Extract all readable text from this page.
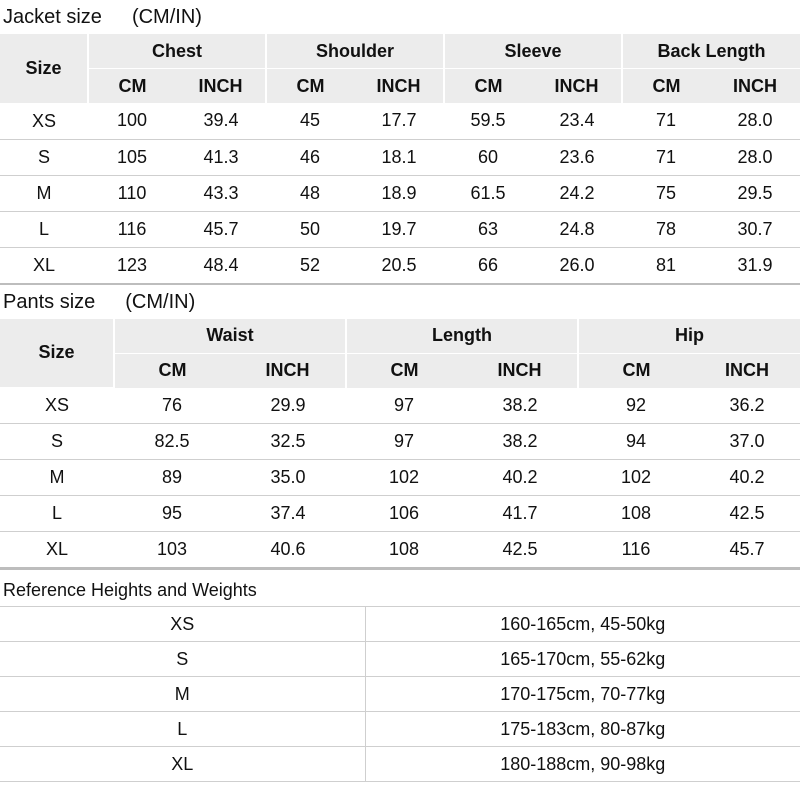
Jacket size (CM/IN)
Size	Chest		Shoulder		Sleeve		Back Length	
	CM	INCH	CM	INCH	CM	INCH	CM	INCH
XS	100	39.4	45	17.7	59.5	23.4	71	28.0
S	105	41.3	46	18.1	60	23.6	71	28.0
M	110	43.3	48	18.9	61.5	24.2	75	29.5
L	116	45.7	50	19.7	63	24.8	78	30.7
XL	123	48.4	52	20.5	66	26.0	81	31.9
Pants size (CM/IN)
Size	Waist		Length		Hip	
	CM	INCH	CM	INCH	CM	INCH
XS	76	29.9	97	38.2	92	36.2
S	82.5	32.5	97	38.2	94	37.0
M	89	35.0	102	40.2	102	40.2
L	95	37.4	106	41.7	108	42.5
XL	103	40.6	108	42.5	116	45.7
Reference Heights and Weights
XS	160-165cm, 45-50kg
S	165-170cm, 55-62kg
M	170-175cm, 70-77kg
L	175-183cm, 80-87kg
XL	180-188cm, 90-98kg
